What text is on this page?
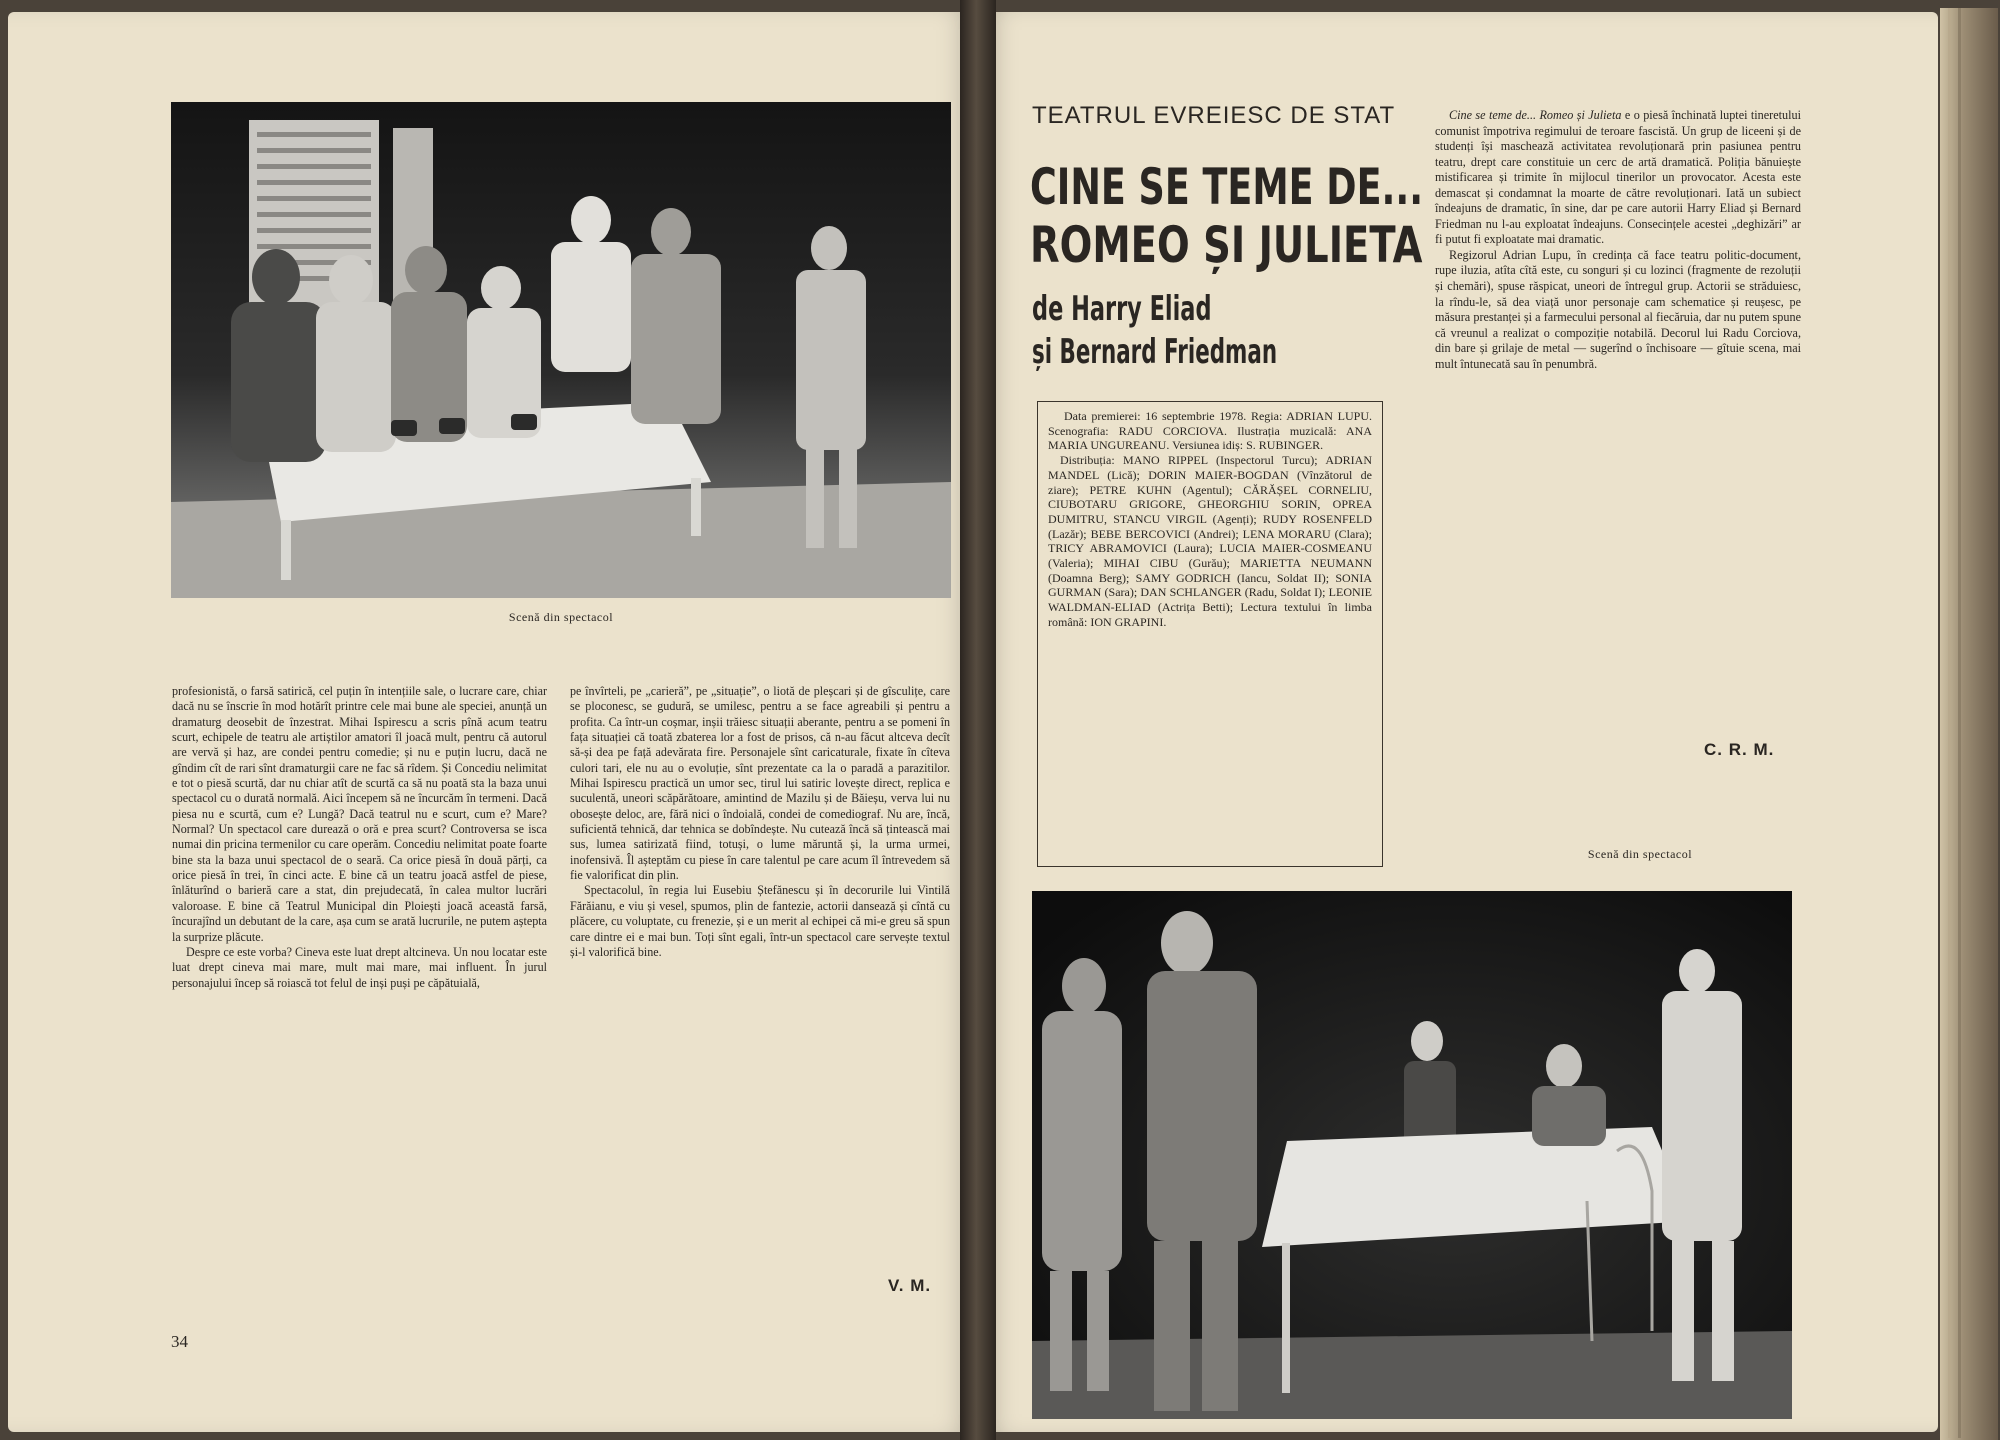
Scenă din spectacol

profesionistă, o farsă satirică, cel puțin în intențiile sale, o lucrare care, chiar dacă nu se înscrie în mod hotărît printre cele mai bune ale speciei, anunță un dramaturg deosebit de înzestrat. Mihai Ispirescu a scris pînă acum teatru scurt, echipele de teatru ale artiștilor amatori îl joacă mult, pentru că autorul are vervă și haz, are condei pentru comedie; și nu e puțin lucru, dacă ne gîndim cît de rari sînt dramaturgii care ne fac să rîdem. Și Concediu nelimitat e tot o piesă scurtă, dar nu chiar atît de scurtă ca să nu poată sta la baza unui spectacol cu o durată normală. Aici începem să ne încurcăm în termeni. Dacă piesa nu e scurtă, cum e? Lungă? Dacă teatrul nu e scurt, cum e? Mare? Normal? Un spectacol care durează o oră e prea scurt? Controversa se isca numai din pricina termenilor cu care operăm. Concediu nelimitat poate foarte bine sta la baza unui spectacol de o seară. Ca orice piesă în două părți, ca orice piesă în trei, în cinci acte. E bine că un teatru joacă astfel de piese, înlăturînd o barieră care a stat, din prejudecată, în calea multor lucrări valoroase. E bine că Teatrul Municipal din Ploiești joacă această farsă, încurajînd un debutant de la care, așa cum se arată lucrurile, ne putem aștepta la surprize plăcute.

Despre ce este vorba? Cineva este luat drept altcineva. Un nou locatar este luat drept cineva mai mare, mult mai mare, mai influent. În jurul personajului încep să roiască tot felul de inși puși pe căpătuială,

pe învîrteli, pe „carieră”, pe „situație”, o liotă de pleșcari și de gîsculițe, care se ploconesc, se gudură, se umilesc, pentru a se face agreabili și pentru a profita. Ca într-un coșmar, inșii trăiesc situații aberante, pentru a se pomeni în fața situației că toată zbaterea lor a fost de prisos, că n-au făcut altceva decît să-și dea pe față adevărata fire. Personajele sînt caricaturale, fixate în cîteva culori tari, ele nu au o evoluție, sînt prezentate ca la o paradă a parazitilor. Mihai Ispirescu practică un umor sec, tirul lui satiric lovește direct, replica e suculentă, uneori scăpărătoare, amintind de Mazilu și de Băieșu, verva lui nu obosește deloc, are, fără nici o îndoială, condei de comediograf. Nu are, încă, suficientă tehnică, dar tehnica se dobîndește. Nu cutează încă să țintească mai sus, lumea satirizată fiind, totuși, o lume măruntă și, la urma urmei, inofensivă. Îl așteptăm cu piese în care talentul pe care acum îl întrevedem să fie valorificat din plin.

Spectacolul, în regia lui Eusebiu Ștefănescu și în decorurile lui Vintilă Fărăianu, e viu și vesel, spumos, plin de fantezie, actorii dansează și cîntă cu plăcere, cu voluptate, cu frenezie, și e un merit al echipei că mi-e greu să spun care dintre ei e mai bun. Toți sînt egali, într-un spectacol care servește textul și-l valorifică bine.

V. M.
34
TEATRUL EVREIESC DE STAT
CINE SE TEME DE...
ROMEO ȘI JULIETA
de Harry Eliad
și Bernard Friedman

Data premierei: 16 septembrie 1978. Regia: ADRIAN LUPU. Scenografia: RADU CORCIOVA. Ilustrația muzicală: ANA MARIA UNGUREANU. Versiunea idiș: S. RUBINGER.

Distribuția: MANO RIPPEL (Inspectorul Turcu); ADRIAN MANDEL (Lică); DORIN MAIER-BOGDAN (Vînzătorul de ziare); PETRE KUHN (Agentul); CĂRĂȘEL CORNELIU, CIUBOTARU GRIGORE, GHEORGHIU SORIN, OPREA DUMITRU, STANCU VIRGIL (Agenți); RUDY ROSENFELD (Lazăr); BEBE BERCOVICI (Andrei); LENA MORARU (Clara); TRICY ABRAMOVICI (Laura); LUCIA MAIER-COSMEANU (Valeria); MIHAI CIBU (Gurău); MARIETTA NEUMANN (Doamna Berg); SAMY GODRICH (Iancu, Soldat II); SONIA GURMAN (Sara); DAN SCHLANGER (Radu, Soldat I); LEONIE WALDMAN-ELIAD (Actrița Betti); Lectura textului în limba română: ION GRAPINI.

Cine se teme de... Romeo și Julieta e o piesă închinată luptei tineretului comunist împotriva regimului de teroare fascistă. Un grup de liceeni și de studenți își maschează activitatea revoluționară prin pasiunea pentru teatru, drept care constituie un cerc de artă dramatică. Poliția bănuiește mistificarea și trimite în mijlocul tinerilor un provocator. Acesta este demascat și condamnat la moarte de către revoluționari. Iată un subiect îndeajuns de dramatic, în sine, dar pe care autorii Harry Eliad și Bernard Friedman nu l-au exploatat îndeajuns. Consecințele acestei „deghizări” ar fi putut fi exploatate mai dramatic.

Regizorul Adrian Lupu, în credința că face teatru politic-document, rupe iluzia, atîta cîtă este, cu songuri și cu lozinci (fragmente de rezoluții și chemări), spuse răspicat, uneori de întregul grup. Actorii se străduiesc, la rîndu-le, să dea viață unor personaje cam schematice și reușesc, pe măsura prestanței și a farmecului personal al fiecăruia, dar nu putem spune că vreunul a realizat o compoziție notabilă. Decorul lui Radu Corciova, din bare și grilaje de metal — sugerînd o închisoare — gîtuie scena, mai mult întunecată sau în penumbră.

C. R. M.
Scenă din spectacol
